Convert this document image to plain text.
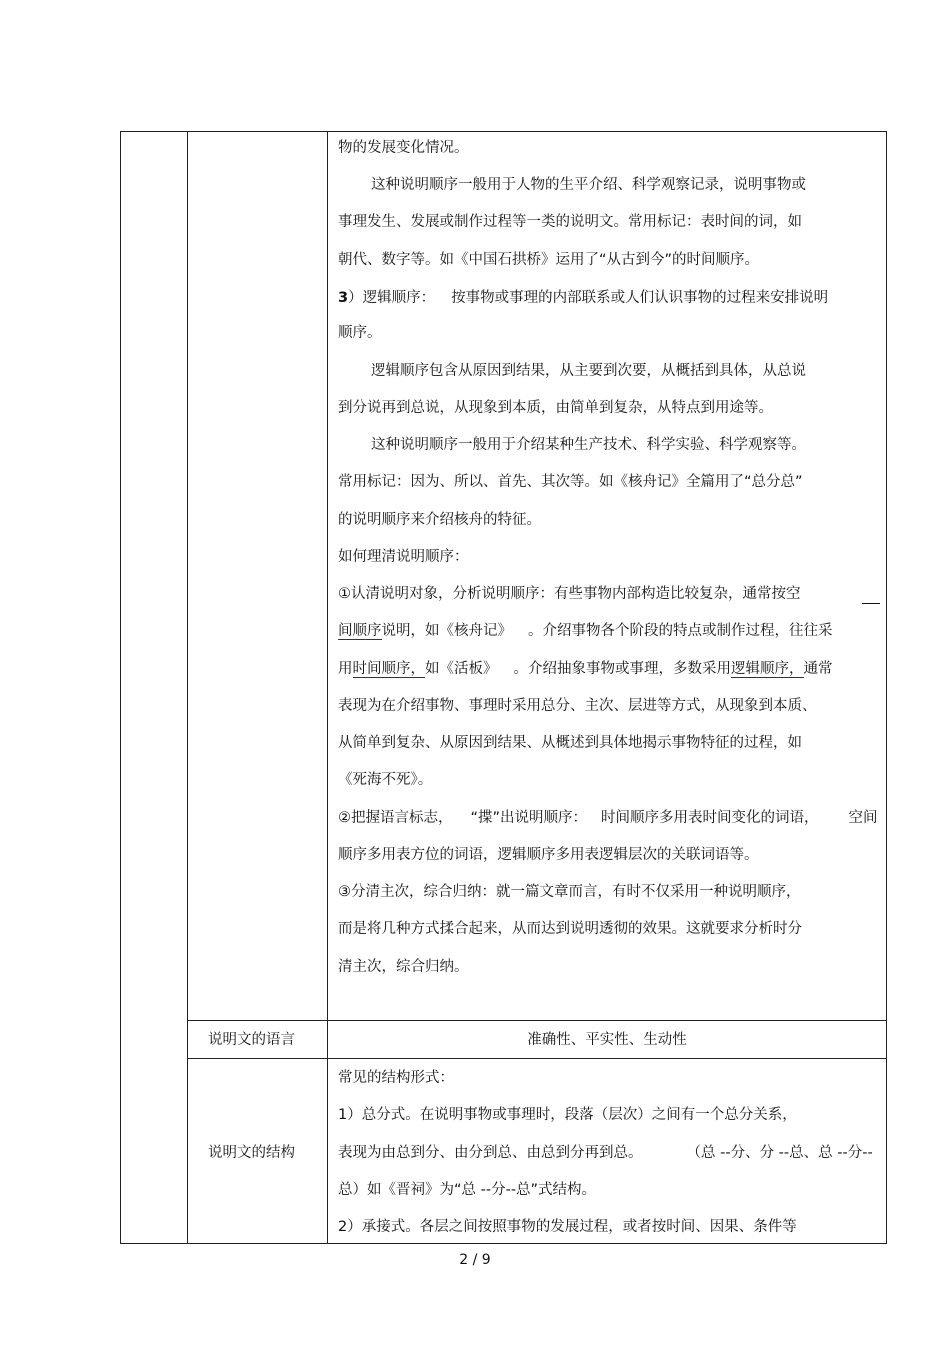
物的发展变化情况。
这种说明顺序一般用于人物的生平介绍、科学观察记录，说明事物或
事理发生、发展或制作过程等一类的说明文。常用标记：表时间的词，如
朝代、数字等。如《中国石拱桥》运用了“从古到今”的时间顺序。
3）逻辑顺序： 按事物或事理的内部联系或人们认识事物的过程来安排说明
顺序。
逻辑顺序包含从原因到结果，从主要到次要，从概括到具体，从总说
到分说再到总说，从现象到本质，由简单到复杂，从特点到用途等。
这种说明顺序一般用于介绍某种生产技术、科学实验、科学观察等。
常用标记：因为、所以、首先、其次等。如《核舟记》全篇用了“总分总”
的说明顺序来介绍核舟的特征。
如何理清说明顺序：
①认清说明对象，分析说明顺序：有些事物内部构造比较复杂，通常按空
间顺序说明，如《核舟记》 。介绍事物各个阶段的特点或制作过程，往往采
用时间顺序，如《活板》 。介绍抽象事物或事理，多数采用逻辑顺序，通常
表现为在介绍事物、事理时采用总分、主次、层进等方式，从现象到本质、
从简单到复杂、从原因到结果、从概述到具体地揭示事物特征的过程，如
《死海不死》。
②把握语言标志， “揲”出说明顺序： 时间顺序多用表时间变化的词语， 空间
顺序多用表方位的词语，逻辑顺序多用表逻辑层次的关联词语等。
③分清主次，综合归纳：就一篇文章而言，有时不仅采用一种说明顺序，
而是将几种方式揉合起来，从而达到说明透彻的效果。这就要求分析时分
清主次，综合归纳。
说明文的语言	准确性、平实性、生动性
说明文的结构
常见的结构形式：
1）总分式。在说明事物或事理时，段落（层次）之间有一个总分关系，
表现为由总到分、由分到总、由总到分再到总。	（总 --分、分 --总、总 --分--
总）如《晋祠》为“总 --分--总”式结构。
2）承接式。各层之间按照事物的发展过程，或者按时间、因果、条件等
2 / 9
